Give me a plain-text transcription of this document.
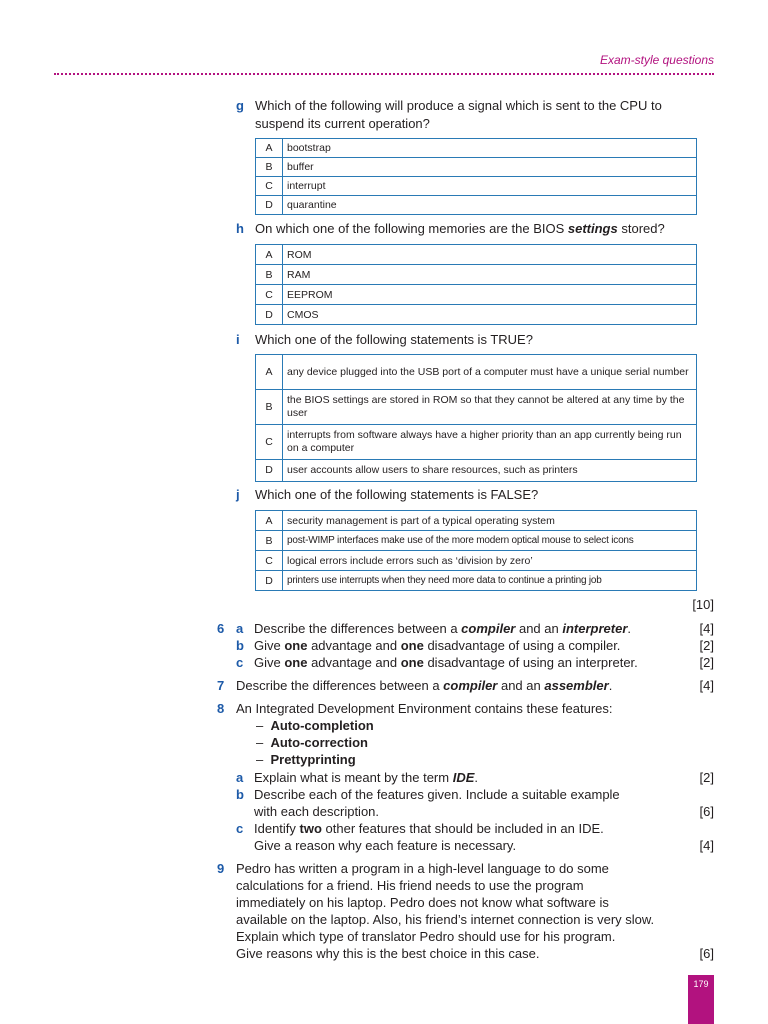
Exam-style questions
g Which of the following will produce a signal which is sent to the CPU to
suspend its current operation?
A	bootstrap
B	buffer
C	interrupt
D	quarantine
h On which one of the following memories are the BIOS settings stored?
A	ROM
B	RAM
C	EEPROM
D	CMOS
i Which one of the following statements is TRUE?
A	any device plugged into the USB port of a computer must have a unique serial number
B	the BIOS settings are stored in ROM so that they cannot be altered at any time by the user
C	interrupts from software always have a higher priority than an app currently being run on a computer
D	user accounts allow users to share resources, such as printers
j Which one of the following statements is FALSE?
A	security management is part of a typical operating system
B	post-WIMP interfaces make use of the more modern optical mouse to select icons
C	logical errors include errors such as ‘division by zero’
D	printers use interrupts when they need more data to continue a printing job
[10]
6 a Describe the differences between a compiler and an interpreter.	[4]
b Give one advantage and one disadvantage of using a compiler.	[2]
c Give one advantage and one disadvantage of using an interpreter.	[2]
7 Describe the differences between a compiler and an assembler.	[4]
8 An Integrated Development Environment contains these features:
– Auto-completion
– Auto-correction
– Prettyprinting
a Explain what is meant by the term IDE.	[2]
b Describe each of the features given. Include a suitable example
with each description.	[6]
c Identify two other features that should be included in an IDE.
Give a reason why each feature is necessary.	[4]
9 Pedro has written a program in a high-level language to do some
calculations for a friend. His friend needs to use the program
immediately on his laptop. Pedro does not know what software is
available on the laptop. Also, his friend’s internet connection is very slow.
Explain which type of translator Pedro should use for his program.
Give reasons why this is the best choice in this case.	[6]
179
